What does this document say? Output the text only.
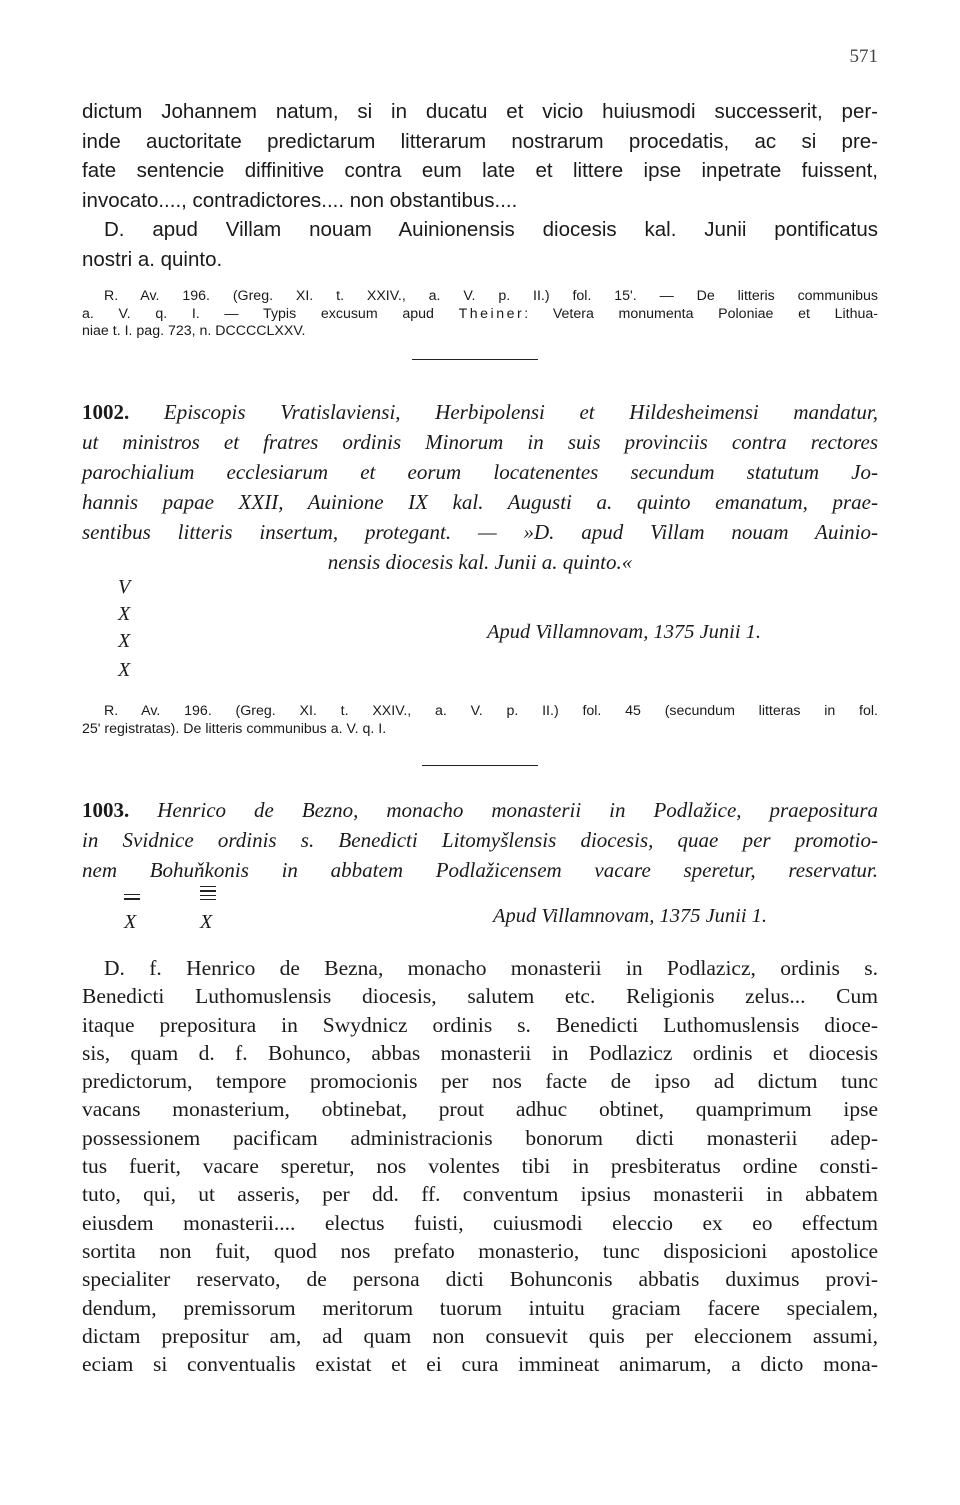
571
dictum Johannem natum, si in ducatu et vicio huiusmodi successerit, per-
inde auctoritate predictarum litterarum nostrarum procedatis, ac si pre-
fate sentencie diffinitive contra eum late et littere ipse inpetrate fuissent,
invocato...., contradictores.... non obstantibus....
D. apud Villam nouam Auinionensis diocesis kal. Junii pontificatus
nostri a. quinto.
R. Av. 196. (Greg. XI. t. XXIV., a. V. p. II.) fol. 15'. — De litteris communibus
a. V. q. I. — Typis excusum apud Theiner: Vetera monumenta Poloniae et Lithua-
niae t. I. pag. 723, n. DCCCCLXXV.
1002. Episcopis Vratislaviensi, Herbipolensi et Hildesheimensi mandatur,
ut ministros et fratres ordinis Minorum in suis provinciis contra rectores
parochialium ecclesiarum et eorum locatenentes secundum statutum Jo-
hannis papae XXII, Auinione IX kal. Augusti a. quinto emanatum, prae-
sentibus litteris insertum, protegant. — »D. apud Villam nouam Auinio-
nensis diocesis kal. Junii a. quinto.«
V
X
X
X
Apud Villamnovam, 1375 Junii 1.
R. Av. 196. (Greg. XI. t. XXIV., a. V. p. II.) fol. 45 (secundum litteras in fol.
25' registratas). De litteris communibus a. V. q. I.
1003. Henrico de Bezno, monacho monasterii in Podlažice, praepositura
in Svidnice ordinis s. Benedicti Litomyšlensis diocesis, quae per promotio-
nem Bohuňkonis in abbatem Podlažicensem vacare speretur, reservatur.
X	X	Apud Villamnovam, 1375 Junii 1.
D. f. Henrico de Bezna, monacho monasterii in Podlazicz, ordinis s.
Benedicti Luthomuslensis diocesis, salutem etc. Religionis zelus... Cum
itaque prepositura in Swydnicz ordinis s. Benedicti Luthomuslensis dioce-
sis, quam d. f. Bohunco, abbas monasterii in Podlazicz ordinis et diocesis
predictorum, tempore promocionis per nos facte de ipso ad dictum tunc
vacans monasterium, obtinebat, prout adhuc obtinet, quamprimum ipse
possessionem pacificam administracionis bonorum dicti monasterii adep-
tus fuerit, vacare speretur, nos volentes tibi in presbiteratus ordine consti-
tuto, qui, ut asseris, per dd. ff. conventum ipsius monasterii in abbatem
eiusdem monasterii.... electus fuisti, cuiusmodi eleccio ex eo effectum
sortita non fuit, quod nos prefato monasterio, tunc disposicioni apostolice
specialiter reservato, de persona dicti Bohunconis abbatis duximus provi-
dendum, premissorum meritorum tuorum intuitu graciam facere specialem,
dictam prepositur am, ad quam non consuevit quis per eleccionem assumi,
eciam si conventualis existat et ei cura immineat animarum, a dicto mona-
